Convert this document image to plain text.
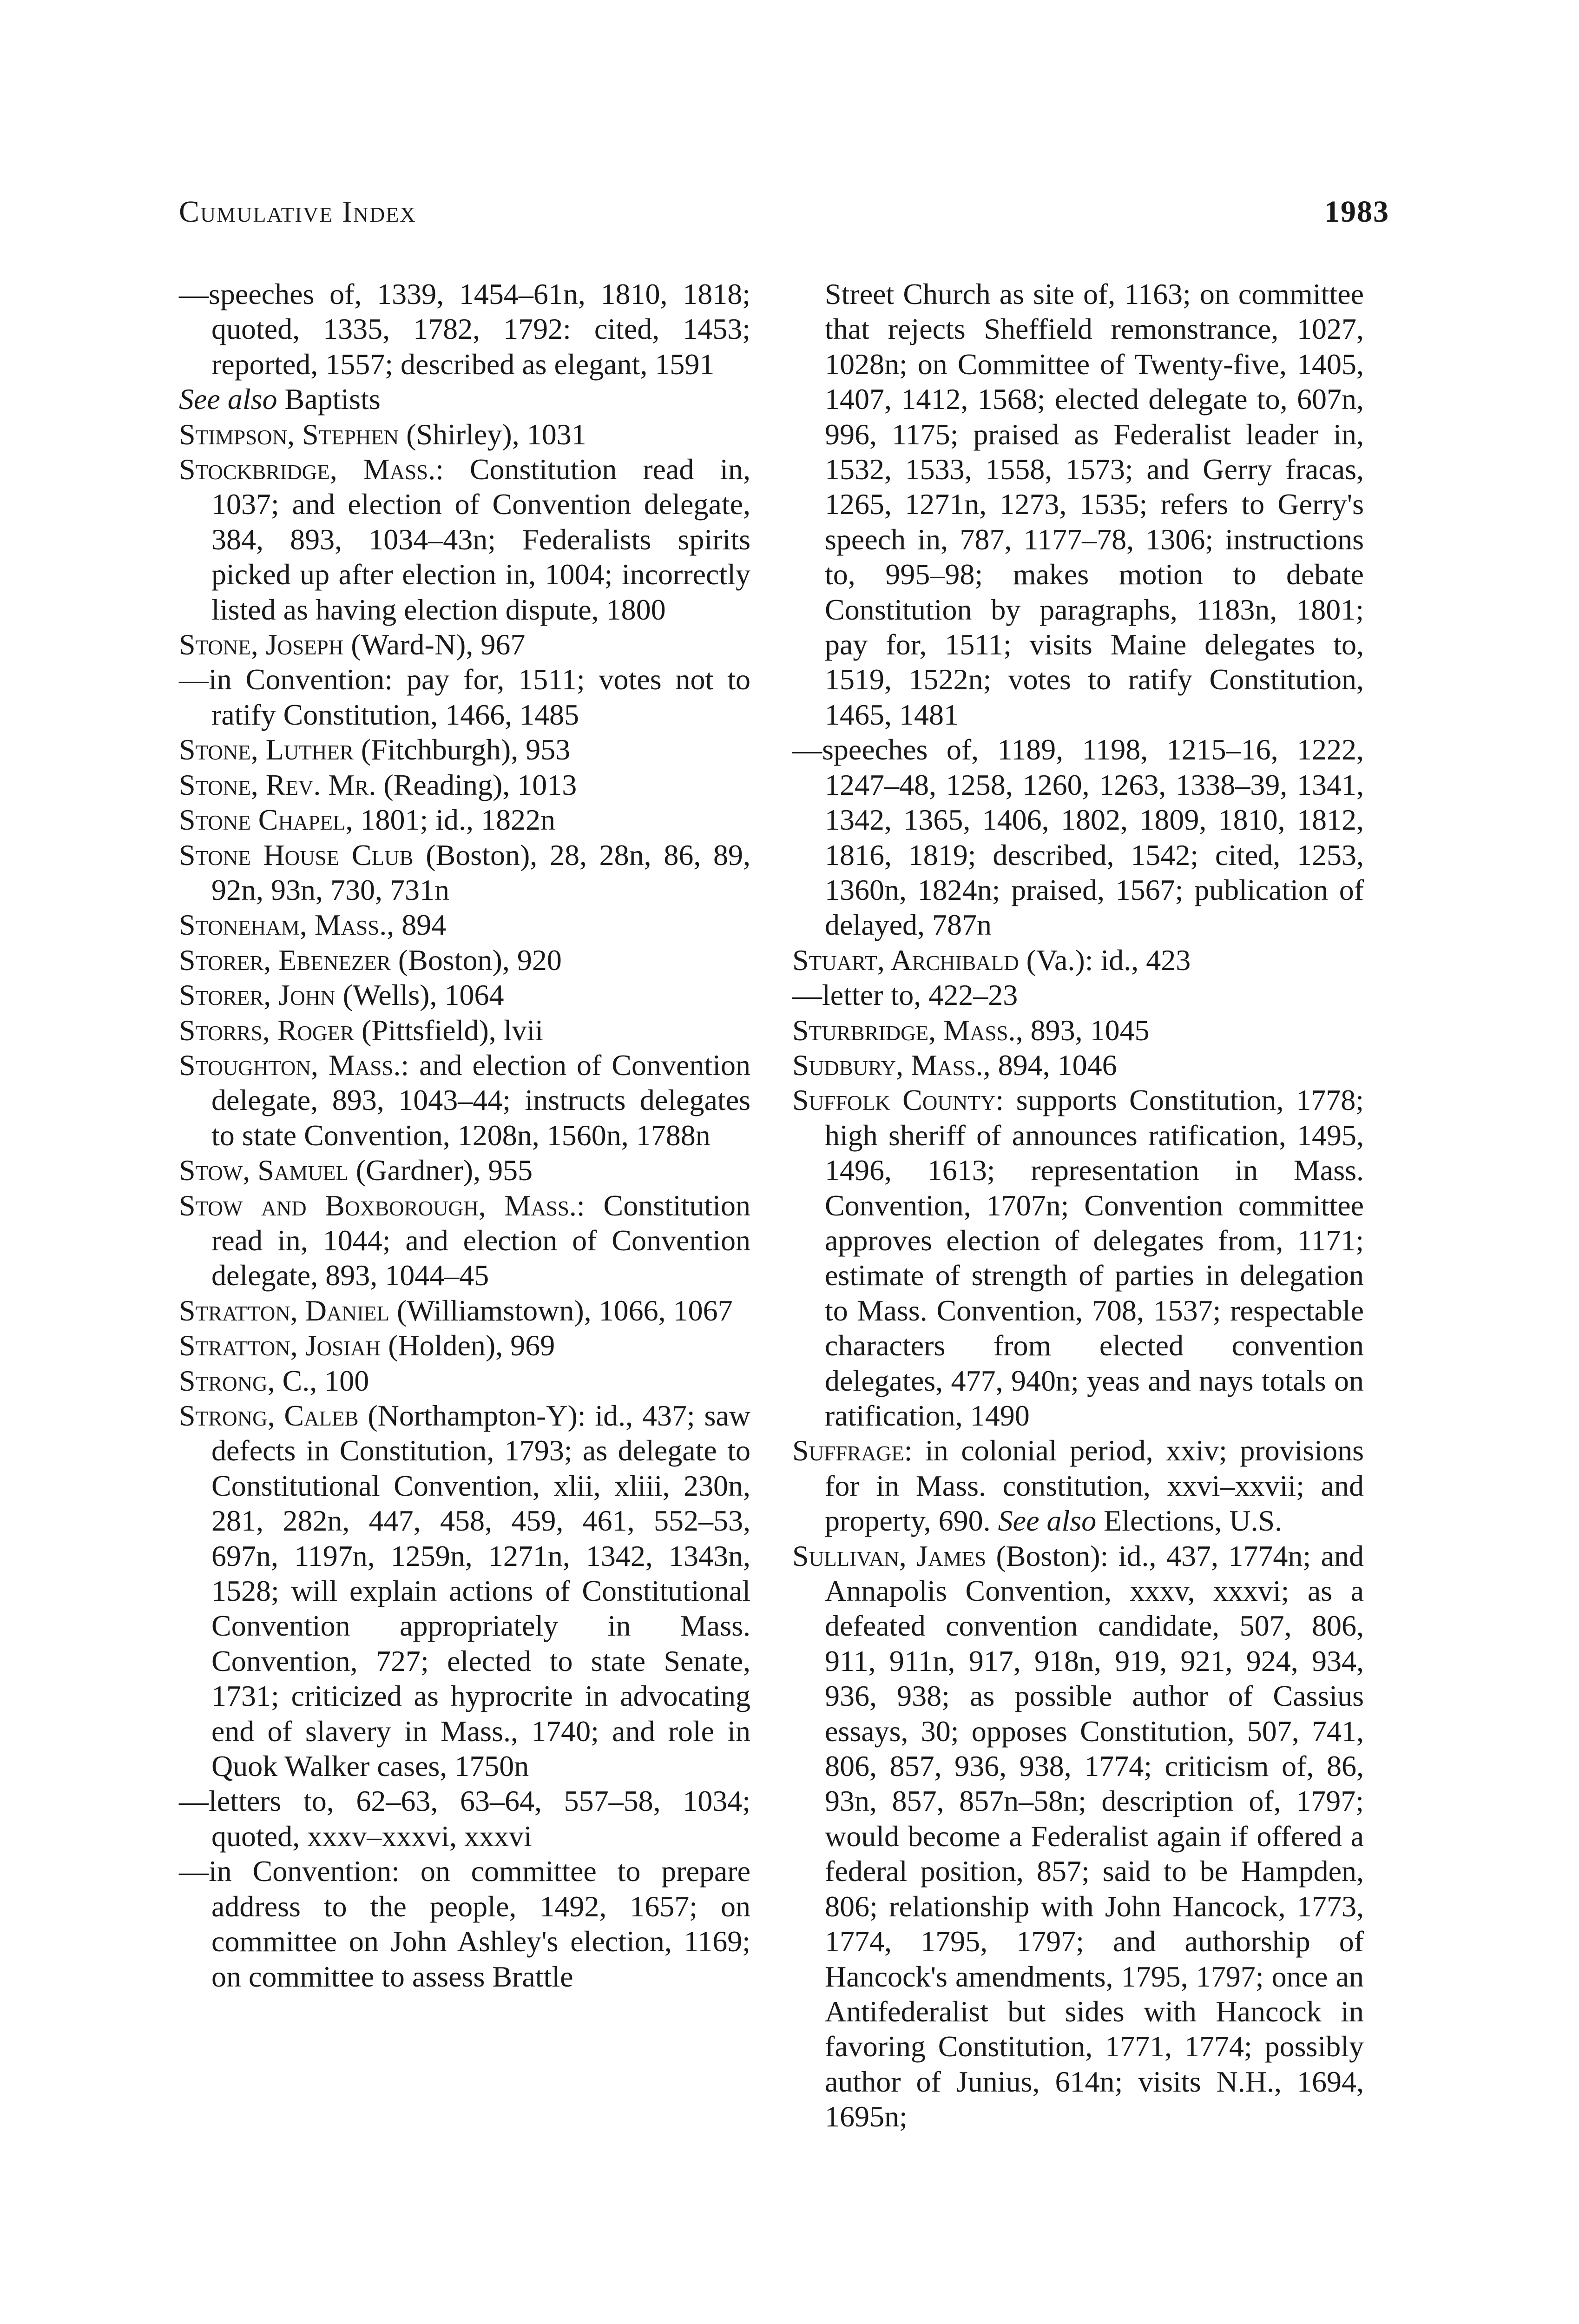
Cumulative Index	1983

—speeches of, 1339, 1454–61n, 1810, 1818; quoted, 1335, 1782, 1792: cited, 1453; reported, 1557; described as elegant, 1591

See also Baptists

Stimpson, Stephen (Shirley), 1031

Stockbridge, Mass.: Constitution read in, 1037; and election of Convention delegate, 384, 893, 1034–43n; Federalists spirits picked up after election in, 1004; incorrectly listed as having election dispute, 1800

Stone, Joseph (Ward-N), 967

—in Convention: pay for, 1511; votes not to ratify Constitution, 1466, 1485

Stone, Luther (Fitchburgh), 953

Stone, Rev. Mr. (Reading), 1013

Stone Chapel, 1801; id., 1822n

Stone House Club (Boston), 28, 28n, 86, 89, 92n, 93n, 730, 731n

Stoneham, Mass., 894

Storer, Ebenezer (Boston), 920

Storer, John (Wells), 1064

Storrs, Roger (Pittsfield), lvii

Stoughton, Mass.: and election of Convention delegate, 893, 1043–44; instructs delegates to state Convention, 1208n, 1560n, 1788n

Stow, Samuel (Gardner), 955

Stow and Boxborough, Mass.: Constitution read in, 1044; and election of Convention delegate, 893, 1044–45

Stratton, Daniel (Williamstown), 1066, 1067

Stratton, Josiah (Holden), 969

Strong, C., 100

Strong, Caleb (Northampton-Y): id., 437; saw defects in Constitution, 1793; as delegate to Constitutional Convention, xlii, xliii, 230n, 281, 282n, 447, 458, 459, 461, 552–53, 697n, 1197n, 1259n, 1271n, 1342, 1343n, 1528; will explain actions of Constitutional Convention appropriately in Mass. Convention, 727; elected to state Senate, 1731; criticized as hyprocrite in advocating end of slavery in Mass., 1740; and role in Quok Walker cases, 1750n

—letters to, 62–63, 63–64, 557–58, 1034; quoted, xxxv–xxxvi, xxxvi

—in Convention: on committee to prepare address to the people, 1492, 1657; on committee on John Ashley's election, 1169; on committee to assess Brattle

Street Church as site of, 1163; on committee that rejects Sheffield remonstrance, 1027, 1028n; on Committee of Twenty-five, 1405, 1407, 1412, 1568; elected delegate to, 607n, 996, 1175; praised as Federalist leader in, 1532, 1533, 1558, 1573; and Gerry fracas, 1265, 1271n, 1273, 1535; refers to Gerry's speech in, 787, 1177–78, 1306; instructions to, 995–98; makes motion to debate Constitution by paragraphs, 1183n, 1801; pay for, 1511; visits Maine delegates to, 1519, 1522n; votes to ratify Constitution, 1465, 1481

—speeches of, 1189, 1198, 1215–16, 1222, 1247–48, 1258, 1260, 1263, 1338–39, 1341, 1342, 1365, 1406, 1802, 1809, 1810, 1812, 1816, 1819; described, 1542; cited, 1253, 1360n, 1824n; praised, 1567; publication of delayed, 787n

Stuart, Archibald (Va.): id., 423

—letter to, 422–23

Sturbridge, Mass., 893, 1045

Sudbury, Mass., 894, 1046

Suffolk County: supports Constitution, 1778; high sheriff of announces ratification, 1495, 1496, 1613; representation in Mass. Convention, 1707n; Convention committee approves election of delegates from, 1171; estimate of strength of parties in delegation to Mass. Convention, 708, 1537; respectable characters from elected convention delegates, 477, 940n; yeas and nays totals on ratification, 1490

Suffrage: in colonial period, xxiv; provisions for in Mass. constitution, xxvi–xxvii; and property, 690. See also Elections, U.S.

Sullivan, James (Boston): id., 437, 1774n; and Annapolis Convention, xxxv, xxxvi; as a defeated convention candidate, 507, 806, 911, 911n, 917, 918n, 919, 921, 924, 934, 936, 938; as possible author of Cassius essays, 30; opposes Constitution, 507, 741, 806, 857, 936, 938, 1774; criticism of, 86, 93n, 857, 857n–58n; description of, 1797; would become a Federalist again if offered a federal position, 857; said to be Hampden, 806; relationship with John Hancock, 1773, 1774, 1795, 1797; and authorship of Hancock's amendments, 1795, 1797; once an Antifederalist but sides with Hancock in favoring Constitution, 1771, 1774; possibly author of Junius, 614n; visits N.H., 1694, 1695n;
